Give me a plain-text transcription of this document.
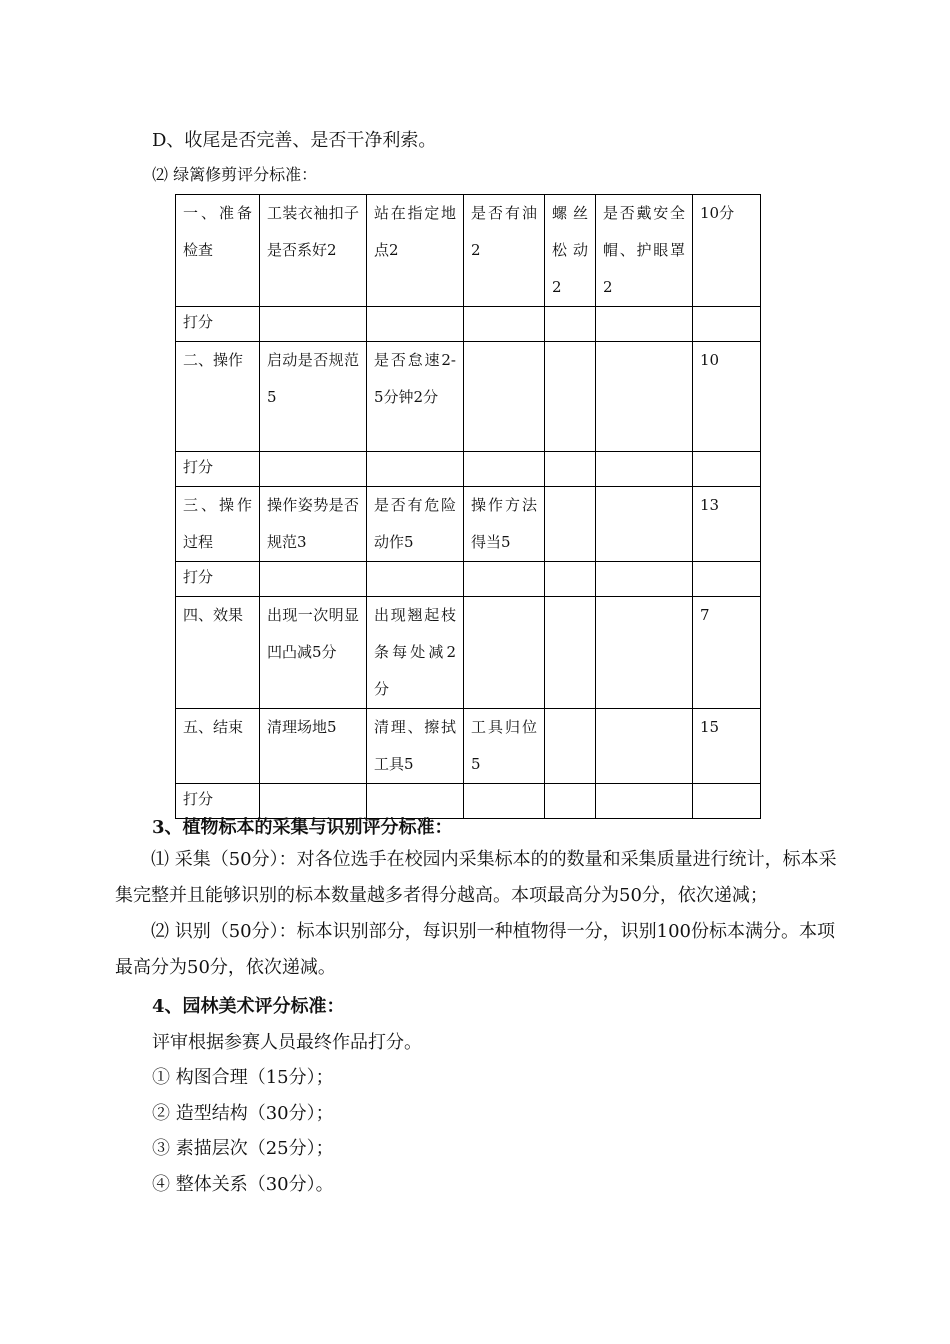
D、收尾是否完善、是否干净利索。
⑵ 绿篱修剪评分标准：
一、准备检查	工装衣袖扣子是否系好2	站在指定地点2	是否有油2	螺丝松动2	是否戴安全帽、护眼罩2	10分
打分						
二、操作	启动是否规范5	是否怠速2-5分钟2分				10
打分						
三、操作过程	操作姿势是否规范3	是否有危险动作5	操作方法得当5			13
打分						
四、效果	出现一次明显凹凸减5分	出现翘起枝条每处减2分				7
五、结束	清理场地5	清理、擦拭工具5	工具归位5			15
打分						
3、植物标本的采集与识别评分标准：
⑴ 采集（50分）：对各位选手在校园内采集标本的的数量和采集质量进行统计，标本采集完整并且能够识别的标本数量越多者得分越高。本项最高分为50分，依次递减；
⑵ 识别（50分）：标本识别部分，每识别一种植物得一分，识别100份标本满分。本项最高分为50分，依次递减。
4、园林美术评分标准：
评审根据参赛人员最终作品打分。
① 构图合理（15分）；
② 造型结构（30分）；
③ 素描层次（25分）；
④ 整体关系（30分）。
